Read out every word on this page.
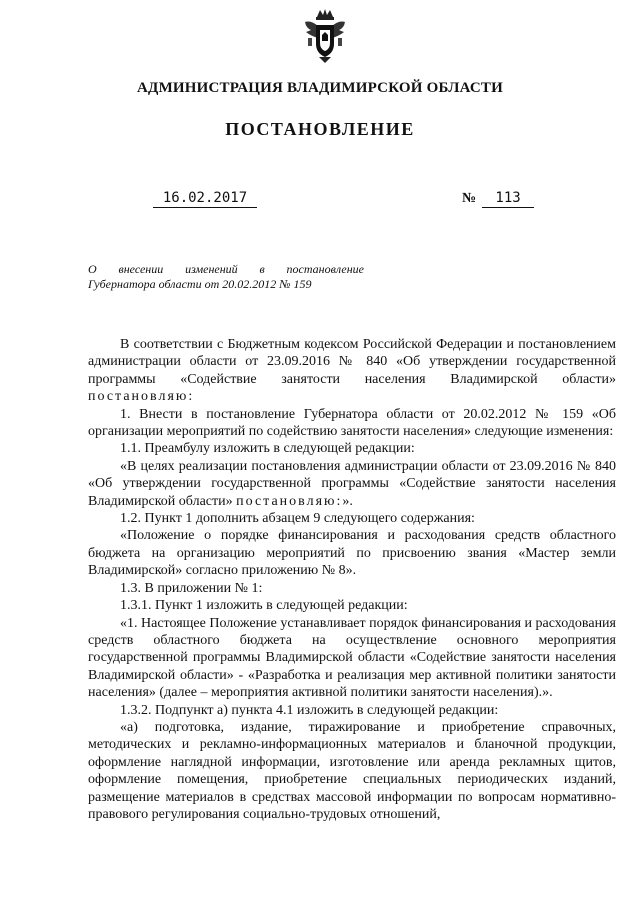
АДМИНИСТРАЦИЯ ВЛАДИМИРСКОЙ ОБЛАСТИ
ПОСТАНОВЛЕНИЕ
16.02.2017	№ 113
О внесении изменений в постановление
Губернатора области от 20.02.2012 № 159

В соответствии с Бюджетным кодексом Российской Федерации и постановлением администрации области от 23.09.2016 № 840 «Об утверждении государственной программы «Содействие занятости населения Владимирской области» постановляю:

1. Внести в постановление Губернатора области от 20.02.2012 № 159 «Об организации мероприятий по содействию занятости населения» следующие изменения:

1.1. Преамбулу изложить в следующей редакции:

«В целях реализации постановления администрации области от 23.09.2016 № 840 «Об утверждении государственной программы «Содействие занятости населения Владимирской области» постановляю:».

1.2. Пункт 1 дополнить абзацем 9 следующего содержания:

«Положение о порядке финансирования и расходования средств областного бюджета на организацию мероприятий по присвоению звания «Мастер земли Владимирской» согласно приложению № 8».

1.3. В приложении № 1:

1.3.1. Пункт 1 изложить в следующей редакции:

«1. Настоящее Положение устанавливает порядок финансирования и расходования средств областного бюджета на осуществление основного мероприятия государственной программы Владимирской области «Содействие занятости населения Владимирской области» - «Разработка и реализация мер активной политики занятости населения» (далее – мероприятия активной политики занятости населения).».

1.3.2. Подпункт а) пункта 4.1 изложить в следующей редакции:

«а) подготовка, издание, тиражирование и приобретение справочных, методических и рекламно-информационных материалов и бланочной продукции, оформление наглядной информации, изготовление или аренда рекламных щитов, оформление помещения, приобретение специальных периодических изданий, размещение материалов в средствах массовой информации по вопросам нормативно-правового регулирования социально-трудовых отношений,
